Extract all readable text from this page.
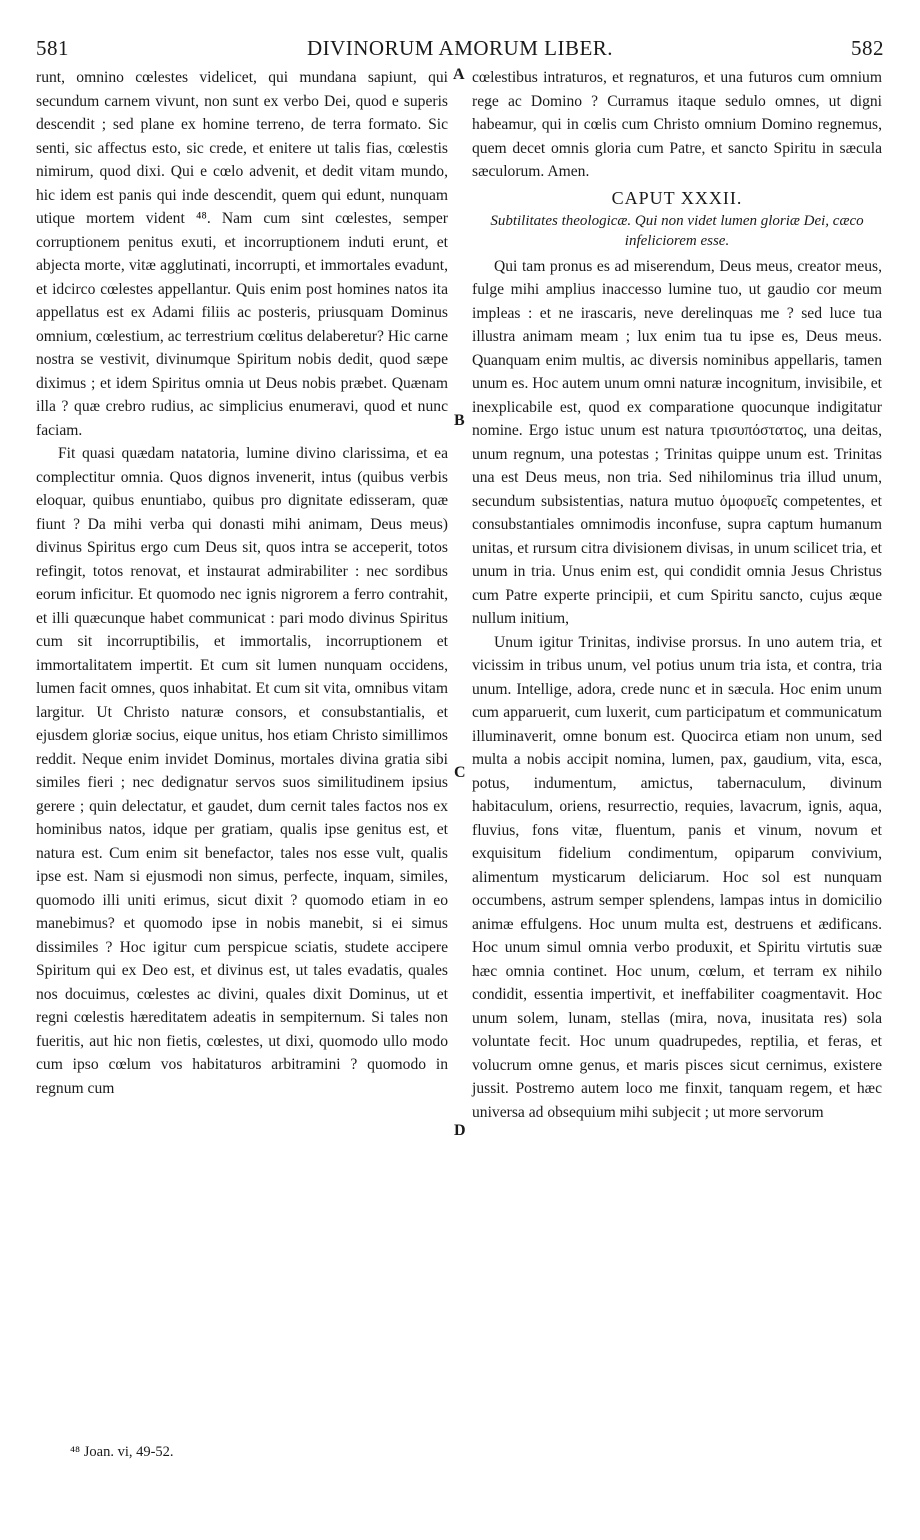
581	DIVINORUM AMORUM LIBER.	582

runt, omnino cœlestes videlicet, qui mundana sapiunt, qui secundum carnem vivunt, non sunt ex verbo Dei, quod e superis descendit ; sed plane ex homine terreno, de terra formato. Sic senti, sic affectus esto, sic crede, et enitere ut talis fias, cœlestis nimirum, quod dixi. Qui e cœlo advenit, et dedit vitam mundo, hic idem est panis qui inde descendit, quem qui edunt, nunquam utique mortem vident ⁴⁸. Nam cum sint cœlestes, semper corruptionem penitus exuti, et incorruptionem induti erunt, et abjecta morte, vitæ agglutinati, incorrupti, et immortales evadunt, et idcirco cœlestes appellantur. Quis enim post homines natos ita appellatus est ex Adami filiis ac posteris, priusquam Dominus omnium, cœlestium, ac terrestrium cœlitus delaberetur? Hic carne nostra se vestivit, divinumque Spiritum nobis dedit, quod sæpe diximus ; et idem Spiritus omnia ut Deus nobis præbet. Quænam illa ? quæ crebro rudius, ac simplicius enumeravi, quod et nunc faciam.

Fit quasi quædam natatoria, lumine divino clarissima, et ea complectitur omnia. Quos dignos invenerit, intus (quibus verbis eloquar, quibus enuntiabo, quibus pro dignitate edisseram, quæ fiunt ? Da mihi verba qui donasti mihi animam, Deus meus) divinus Spiritus ergo cum Deus sit, quos intra se acceperit, totos refingit, totos renovat, et instaurat admirabiliter : nec sordibus eorum inficitur. Et quomodo nec ignis nigrorem a ferro contrahit, et illi quæcunque habet communicat : pari modo divinus Spiritus cum sit incorruptibilis, et immortalis, incorruptionem et immortalitatem impertit. Et cum sit lumen nunquam occidens, lumen facit omnes, quos inhabitat. Et cum sit vita, omnibus vitam largitur. Ut Christo naturæ consors, et consubstantialis, et ejusdem gloriæ socius, eique unitus, hos etiam Christo simillimos reddit. Neque enim invidet Dominus, mortales divina gratia sibi similes fieri ; nec dedignatur servos suos similitudinem ipsius gerere ; quin delectatur, et gaudet, dum cernit tales factos nos ex hominibus natos, idque per gratiam, qualis ipse genitus est, et natura est. Cum enim sit benefactor, tales nos esse vult, qualis ipse est. Nam si ejusmodi non simus, perfecte, inquam, similes, quomodo illi uniti erimus, sicut dixit ? quomodo etiam in eo manebimus? et quomodo ipse in nobis manebit, si ei simus dissimiles ? Hoc igitur cum perspicue sciatis, studete accipere Spiritum qui ex Deo est, et divinus est, ut tales evadatis, quales nos docuimus, cœlestes ac divini, quales dixit Dominus, ut et regni cœlestis hæreditatem adeatis in sempiternum. Si tales non fueritis, aut hic non fietis, cœlestes, ut dixi, quomodo ullo modo cum ipso cœlum vos habitaturos arbitramini ? quomodo in regnum cum

A
B
C
D

cœlestibus intraturos, et regnaturos, et una futuros cum omnium rege ac Domino ? Curramus itaque sedulo omnes, ut digni habeamur, qui in cœlis cum Christo omnium Domino regnemus, quem decet omnis gloria cum Patre, et sancto Spiritu in sæcula sæculorum. Amen.

CAPUT XXXII.
Subtilitates theologicæ. Qui non videt lumen gloriæ Dei, cæco infeliciorem esse.

Qui tam pronus es ad miserendum, Deus meus, creator meus, fulge mihi amplius inaccesso lumine tuo, ut gaudio cor meum impleas : et ne irascaris, neve derelinquas me ? sed luce tua illustra animam meam ; lux enim tua tu ipse es, Deus meus. Quanquam enim multis, ac diversis nominibus appellaris, tamen unum es. Hoc autem unum omni naturæ incognitum, invisibile, et inexplicabile est, quod ex comparatione quocunque indigitatur nomine. Ergo istuc unum est natura τρισυπόστατος, una deitas, unum regnum, una potestas ; Trinitas quippe unum est. Trinitas una est Deus meus, non tria. Sed nihilominus tria illud unum, secundum subsistentias, natura mutuo ὁμοφυεῖς competentes, et consubstantiales omnimodis inconfuse, supra captum humanum unitas, et rursum citra divisionem divisas, in unum scilicet tria, et unum in tria. Unus enim est, qui condidit omnia Jesus Christus cum Patre experte principii, et cum Spiritu sancto, cujus æque nullum initium,

Unum igitur Trinitas, indivise prorsus. In uno autem tria, et vicissim in tribus unum, vel potius unum tria ista, et contra, tria unum. Intellige, adora, crede nunc et in sæcula. Hoc enim unum cum apparuerit, cum luxerit, cum participatum et communicatum illuminaverit, omne bonum est. Quocirca etiam non unum, sed multa a nobis accipit nomina, lumen, pax, gaudium, vita, esca, potus, indumentum, amictus, tabernaculum, divinum habitaculum, oriens, resurrectio, requies, lavacrum, ignis, aqua, fluvius, fons vitæ, fluentum, panis et vinum, novum et exquisitum fidelium condimentum, opiparum convivium, alimentum mysticarum deliciarum. Hoc sol est nunquam occumbens, astrum semper splendens, lampas intus in domicilio animæ effulgens. Hoc unum multa est, destruens et ædificans. Hoc unum simul omnia verbo produxit, et Spiritu virtutis suæ hæc omnia continet. Hoc unum, cœlum, et terram ex nihilo condidit, essentia impertivit, et ineffabiliter coagmentavit. Hoc unum solem, lunam, stellas (mira, nova, inusitata res) sola voluntate fecit. Hoc unum quadrupedes, reptilia, et feras, et volucrum omne genus, et maris pisces sicut cernimus, existere jussit. Postremo autem loco me finxit, tanquam regem, et hæc universa ad obsequium mihi subjecit ; ut more servorum

⁴⁸ Joan. vi, 49-52.
